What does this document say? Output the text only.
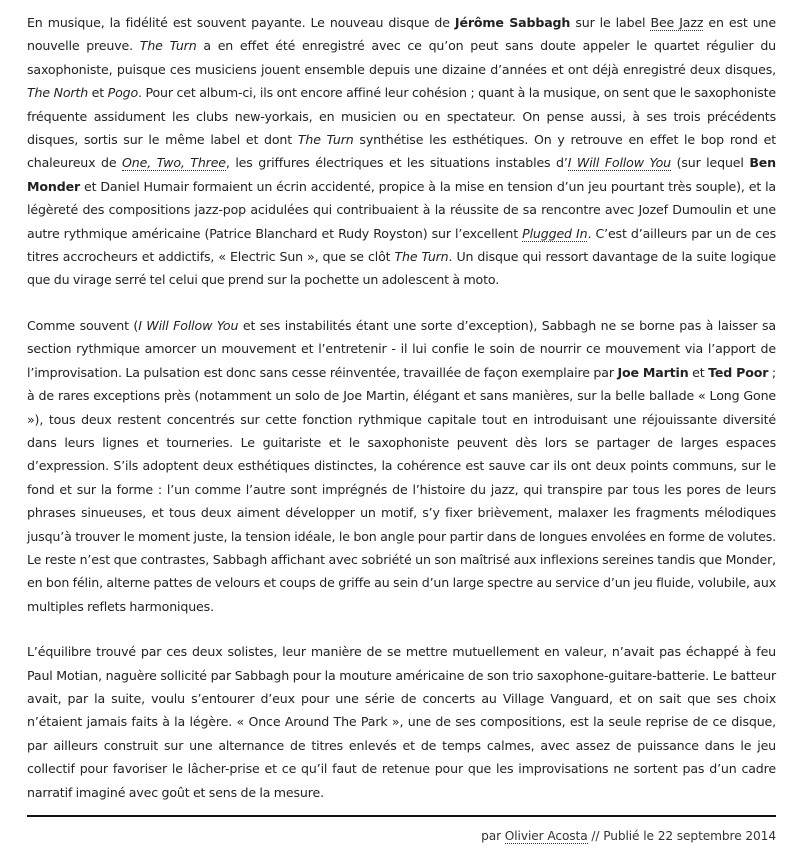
En musique, la fidélité est souvent payante. Le nouveau disque de Jérôme Sabbagh sur le label Bee Jazz en est une nouvelle preuve. The Turn a en effet été enregistré avec ce qu’on peut sans doute appeler le quartet régulier du saxophoniste, puisque ces musiciens jouent ensemble depuis une dizaine d’années et ont déjà enregistré deux disques, The North et Pogo. Pour cet album-ci, ils ont encore affiné leur cohésion ; quant à la musique, on sent que le saxophoniste fréquente assidument les clubs new-yorkais, en musicien ou en spectateur. On pense aussi, à ses trois précédents disques, sortis sur le même label et dont The Turn synthétise les esthétiques. On y retrouve en effet le bop rond et chaleureux de One, Two, Three, les griffures électriques et les situations instables d’I Will Follow You (sur lequel Ben Monder et Daniel Humair formaient un écrin accidenté, propice à la mise en tension d’un jeu pourtant très souple), et la légèreté des compositions jazz-pop acidulées qui contribuaient à la réussite de sa rencontre avec Jozef Dumoulin et une autre rythmique américaine (Patrice Blanchard et Rudy Royston) sur l’excellent Plugged In. C’est d’ailleurs par un de ces titres accrocheurs et addictifs, « Electric Sun », que se clôt The Turn. Un disque qui ressort davantage de la suite logique que du virage serré tel celui que prend sur la pochette un adolescent à moto.

Comme souvent (I Will Follow You et ses instabilités étant une sorte d’exception), Sabbagh ne se borne pas à laisser sa section rythmique amorcer un mouvement et l’entretenir - il lui confie le soin de nourrir ce mouvement via l’apport de l’improvisation. La pulsation est donc sans cesse réinventée, travaillée de façon exemplaire par Joe Martin et Ted Poor ; à de rares exceptions près (notamment un solo de Joe Martin, élégant et sans manières, sur la belle ballade « Long Gone »), tous deux restent concentrés sur cette fonction rythmique capitale tout en introduisant une réjouissante diversité dans leurs lignes et tourneries. Le guitariste et le saxophoniste peuvent dès lors se partager de larges espaces d’expression. S’ils adoptent deux esthétiques distinctes, la cohérence est sauve car ils ont deux points communs, sur le fond et sur la forme : l’un comme l’autre sont imprégnés de l’histoire du jazz, qui transpire par tous les pores de leurs phrases sinueuses, et tous deux aiment développer un motif, s’y fixer brièvement, malaxer les fragments mélodiques jusqu’à trouver le moment juste, la tension idéale, le bon angle pour partir dans de longues envolées en forme de volutes. Le reste n’est que contrastes, Sabbagh affichant avec sobriété un son maîtrisé aux inflexions sereines tandis que Monder, en bon félin, alterne pattes de velours et coups de griffe au sein d’un large spectre au service d’un jeu fluide, volubile, aux multiples reflets harmoniques.

L’équilibre trouvé par ces deux solistes, leur manière de se mettre mutuellement en valeur, n’avait pas échappé à feu Paul Motian, naguère sollicité par Sabbagh pour la mouture américaine de son trio saxophone-guitare-batterie. Le batteur avait, par la suite, voulu s’entourer d’eux pour une série de concerts au Village Vanguard, et on sait que ses choix n’étaient jamais faits à la légère. « Once Around The Park », une de ses compositions, est la seule reprise de ce disque, par ailleurs construit sur une alternance de titres enlevés et de temps calmes, avec assez de puissance dans le jeu collectif pour favoriser le lâcher-prise et ce qu’il faut de retenue pour que les improvisations ne sortent pas d’un cadre narratif imaginé avec goût et sens de la mesure.

par Olivier Acosta // Publié le 22 septembre 2014
